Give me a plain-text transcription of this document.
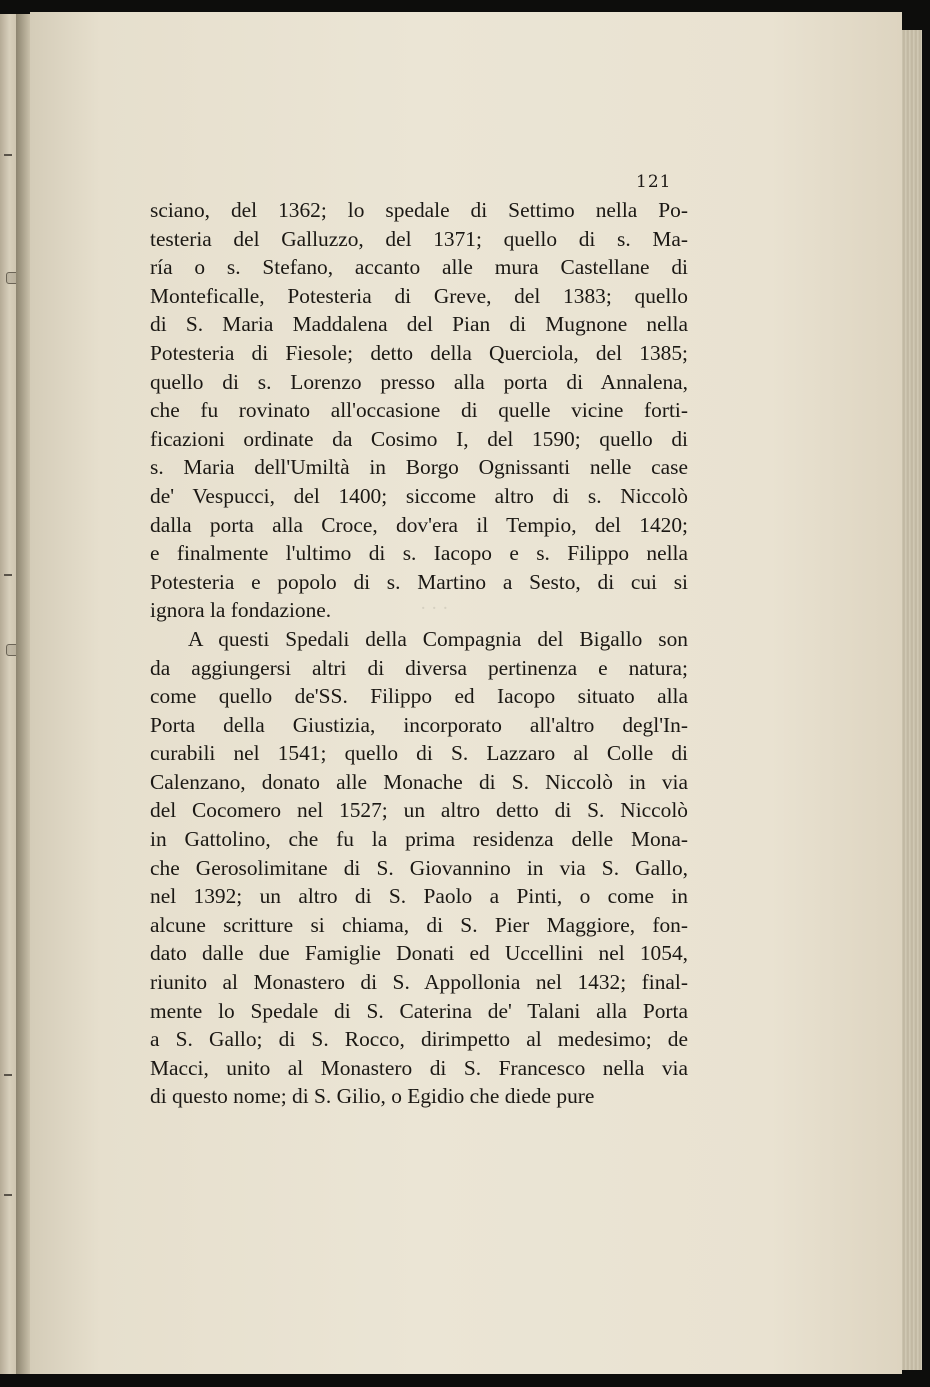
· · ·
121
sciano, del 1362; lo spedale di Settimo nella Po-
testeria del Galluzzo, del 1371; quello di s. Ma-
ría o s. Stefano, accanto alle mura Castellane di
Monteficalle, Potesteria di Greve, del 1383; quello
di S. Maria Maddalena del Pian di Mugnone nella
Potesteria di Fiesole; detto della Querciola, del 1385;
quello di s. Lorenzo presso alla porta di Annalena,
che fu rovinato all'occasione di quelle vicine forti-
ficazioni ordinate da Cosimo I, del 1590; quello di
s. Maria dell'Umiltà in Borgo Ognissanti nelle case
de' Vespucci, del 1400; siccome altro di s. Niccolò
dalla porta alla Croce, dov'era il Tempio, del 1420;
e finalmente l'ultimo di s. Iacopo e s. Filippo nella
Potesteria e popolo di s. Martino a Sesto, di cui si
ignora la fondazione.
A questi Spedali della Compagnia del Bigallo son
da aggiungersi altri di diversa pertinenza e natura;
come quello de'SS. Filippo ed Iacopo situato alla
Porta della Giustizia, incorporato all'altro degl'In-
curabili nel 1541; quello di S. Lazzaro al Colle di
Calenzano, donato alle Monache di S. Niccolò in via
del Cocomero nel 1527; un altro detto di S. Niccolò
in Gattolino, che fu la prima residenza delle Mona-
che Gerosolimitane di S. Giovannino in via S. Gallo,
nel 1392; un altro di S. Paolo a Pinti, o come in
alcune scritture si chiama, di S. Pier Maggiore, fon-
dato dalle due Famiglie Donati ed Uccellini nel 1054,
riunito al Monastero di S. Appollonia nel 1432; final-
mente lo Spedale di S. Caterina de' Talani alla Porta
a S. Gallo; di S. Rocco, dirimpetto al medesimo; de
Macci, unito al Monastero di S. Francesco nella via
di questo nome; di S. Gilio, o Egidio che diede pure
